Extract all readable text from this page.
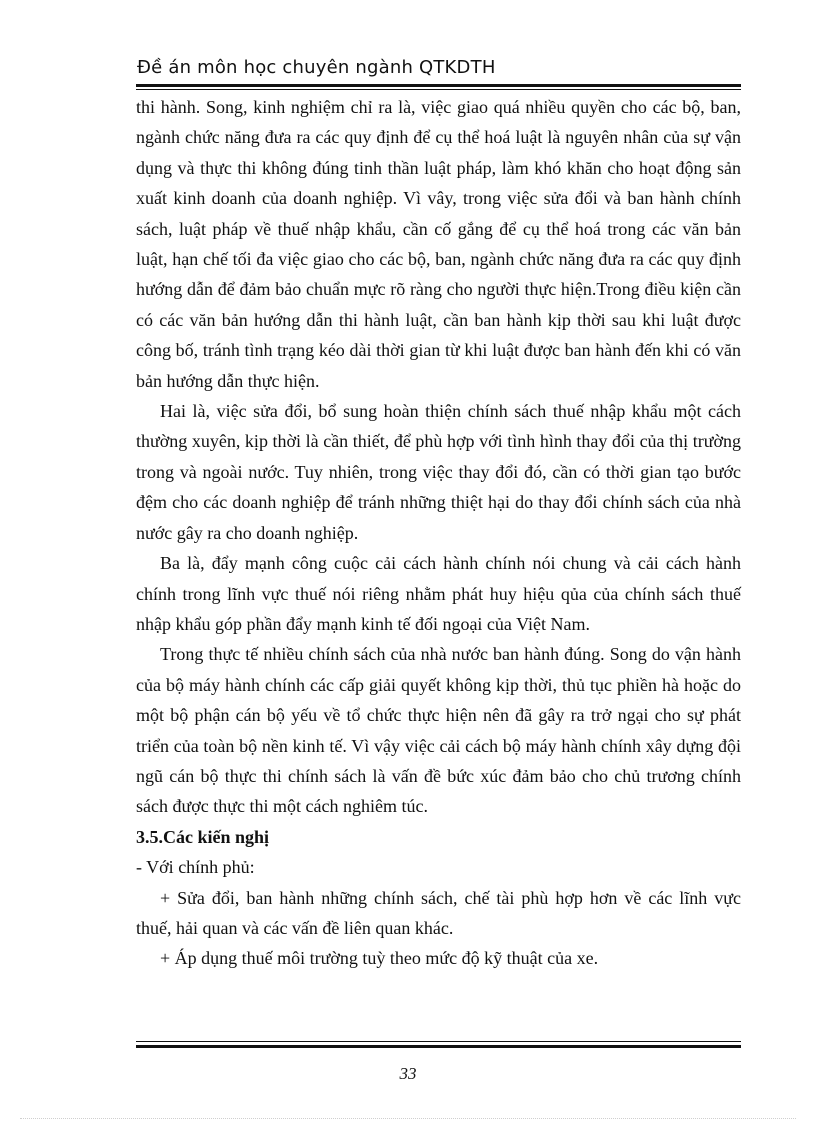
Đề án môn học chuyên ngành QTKDTH

thi hành. Song, kinh nghiệm chỉ ra là, việc giao quá nhiều quyền cho các bộ, ban, ngành chức năng đưa ra các quy định để cụ thể hoá luật là nguyên nhân của sự vận dụng và thực thi không đúng tinh thần luật pháp, làm khó khăn cho hoạt động sản xuất kinh doanh của doanh nghiệp. Vì vây, trong việc sửa đổi và ban hành chính sách, luật pháp về thuế nhập khẩu, cần cố gắng để cụ thể hoá trong các văn bản luật, hạn chế tối đa việc giao cho các bộ, ban, ngành chức năng đưa ra các quy định hướng dẫn để đảm bảo chuẩn mực rõ ràng cho người thực hiện.Trong điều kiện cần có các văn bản hướng dẫn thi hành luật, cần ban hành kịp thời sau khi luật được công bố, tránh tình trạng kéo dài thời gian từ khi luật được ban hành đến khi có văn bản hướng dẫn thực hiện.

Hai là, việc sửa đổi, bổ sung hoàn thiện chính sách thuế nhập khẩu một cách thường xuyên, kịp thời là cần thiết, để phù hợp với tình hình thay đổi của thị trường trong và ngoài nước. Tuy nhiên, trong việc thay đổi đó, cần có thời gian tạo bước đệm cho các doanh nghiệp để tránh những thiệt hại do thay đổi chính sách của nhà nước gây ra cho doanh nghiệp.

Ba là, đẩy mạnh công cuộc cải cách hành chính nói chung và cải cách hành chính trong lĩnh vực thuế nói riêng nhằm phát huy hiệu qủa của chính sách thuế nhập khẩu góp phần đẩy mạnh kinh tế đối ngoại của Việt Nam.

Trong thực tế nhiều chính sách của nhà nước ban hành đúng. Song do vận hành của bộ máy hành chính các cấp giải quyết không kịp thời, thủ tục phiền hà hoặc do một bộ phận cán bộ yếu về tổ chức thực hiện nên đã gây ra trở ngại cho sự phát triển của toàn bộ nền kinh tế. Vì vậy việc cải cách bộ máy hành chính xây dựng đội ngũ cán bộ thực thi chính sách là vấn đề bức xúc đảm bảo cho chủ trương chính sách được thực thi một cách nghiêm túc.

3.5.Các kiến nghị

- Với chính phủ:

+ Sửa đổi, ban hành những chính sách, chế tài phù hợp hơn về các lĩnh vực thuế, hải quan và các vấn đề liên quan khác.

+ Áp dụng thuế môi trường tuỳ theo mức độ kỹ thuật của xe.

33
